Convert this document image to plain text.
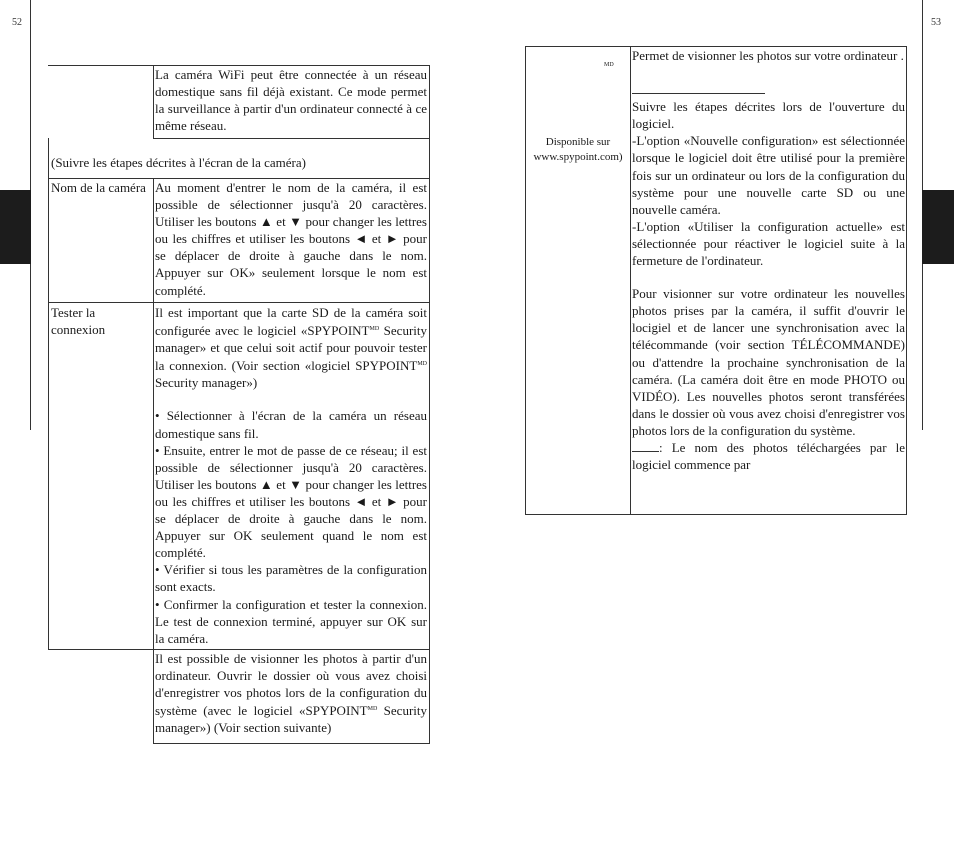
52	53
La caméra WiFi peut être connectée à un réseau domestique sans fil déjà existant. Ce mode permet la surveillance à partir d'un ordinateur connecté à ce même réseau.
(Suivre les étapes décrites à l'écran de la caméra)
Nom de la caméra Au moment d'entrer le nom de la caméra, il est possible de sélectionner jusqu'à 20 caractères. Utiliser les boutons ▲ et ▼ pour changer les lettres ou les chiffres et utiliser les boutons ◄ et ► pour se déplacer de droite à gauche dans le nom. Appuyer sur OK» seulement lorsque le nom est complété.
Tester la connexion

Il est important que la carte SD de la caméra soit configurée avec le logiciel «$SPYPOINT^{MD}$ Security manager» et que celui soit actif pour pouvoir tester la connexion. (Voir section «logiciel $SPYPOINT^{MD}$ Security manager»)

• Sélectionner à l'écran de la caméra un réseau domestique sans fil.

• Ensuite, entrer le mot de passe de ce réseau; il est possible de sélectionner jusqu'à 20 caractères. Utiliser les boutons ▲ et ▼ pour changer les lettres ou les chiffres et utiliser les boutons ◄ et ► pour se déplacer de droite à gauche dans le nom. Appuyer sur OK seulement quand le nom est complété.

• Vérifier si tous les paramètres de la configuration sont exacts.

• Confirmer la configuration et tester la connexion. Le test de connexion terminé, appuyer sur OK sur la caméra.

Il est possible de visionner les photos à partir d'un ordinateur. Ouvrir le dossier où vous avez choisi d'enregistrer vos photos lors de la configuration du système (avec le logiciel «$SPYPOINT^{MD}$ Security manager») (Voir section suivante)
MD
Disponible sur
www.spypoint.com)

Permet de visionner les photos sur votre ordinateur .

Suivre les étapes décrites lors de l'ouverture du logiciel.

-L'option «Nouvelle configuration» est sélectionnée lorsque le logiciel doit être utilisé pour la première fois sur un ordinateur ou lors de la configuration du système pour une nouvelle carte SD ou une nouvelle caméra.

-L'option «Utiliser la configuration actuelle» est sélectionnée pour réactiver le logiciel suite à la fermeture de l'ordinateur.

Pour visionner sur votre ordinateur les nouvelles photos prises par la caméra, il suffit d'ouvrir le locigiel et de lancer une synchronisation avec la télécommande (voir section TÉLÉCOMMANDE) ou d'attendre la prochaine synchronisation de la caméra. (La caméra doit être en mode PHOTO ou VIDÉO). Les nouvelles photos seront transférées dans le dossier où vous avez choisi d'enregistrer vos photos lors de la configuration du système.

: Le nom des photos téléchargées par le logiciel commence par
